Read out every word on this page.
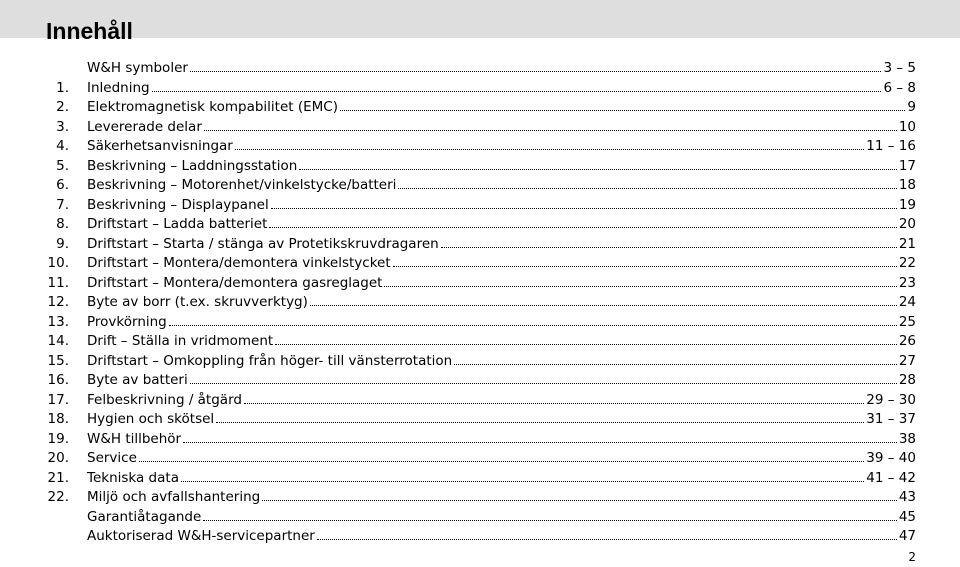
Innehåll
W&H symboler	3 – 5
1. Inledning	6 – 8
2. Elektromagnetisk kompabilitet (EMC)	9
3. Levererade delar	10
4. Säkerhetsanvisningar	11 – 16
5. Beskrivning – Laddningsstation	17
6. Beskrivning – Motorenhet/vinkelstycke/batteri	18
7. Beskrivning – Displaypanel	19
8. Driftstart – Ladda batteriet	20
9. Driftstart – Starta / stänga av Protetikskruvdragaren	21
10. Driftstart – Montera/demontera vinkelstycket	22
11. Driftstart – Montera/demontera gasreglaget	23
12. Byte av borr (t.ex. skruvverktyg)	24
13. Provkörning	25
14. Drift – Ställa in vridmoment	26
15. Driftstart – Omkoppling från höger- till vänsterrotation	27
16. Byte av batteri	28
17. Felbeskrivning / åtgärd	29 – 30
18. Hygien och skötsel	31 – 37
19. W&H tillbehör	38
20. Service	39 – 40
21. Tekniska data	41 – 42
22. Miljö och avfallshantering	43
Garantiåtagande	45
Auktoriserad W&H-servicepartner	47
2
